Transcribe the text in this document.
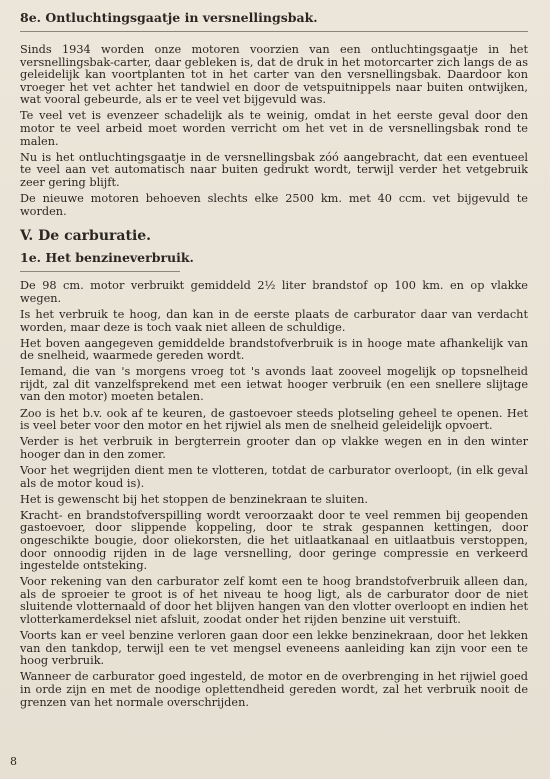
8e. Ontluchtingsgaatje in versnellingsbak.

Sinds 1934 worden onze motoren voorzien van een ontluchtingsgaatje in het versnellingsbak-carter, daar gebleken is, dat de druk in het motorcarter zich langs de as geleidelijk kan voortplanten tot in het carter van den versnellingsbak. Daardoor kon vroeger het vet achter het tandwiel en door de vetspuitnippels naar buiten ontwijken, wat vooral gebeurde, als er te veel vet bijgevuld was.

Te veel vet is evenzeer schadelijk als te weinig, omdat in het eerste geval door den motor te veel arbeid moet worden verricht om het vet in de versnellingsbak rond te malen.

Nu is het ontluchtingsgaatje in de versnellingsbak zóó aangebracht, dat een eventueel te veel aan vet automatisch naar buiten gedrukt wordt, terwijl verder het vetgebruik zeer gering blijft.

De nieuwe motoren behoeven slechts elke 2500 km. met 40 ccm. vet bijgevuld te worden.

V. De carburatie.
1e. Het benzineverbruik.

De 98 cm. motor verbruikt gemiddeld 2½ liter brandstof op 100 km. en op vlakke wegen.

Is het verbruik te hoog, dan kan in de eerste plaats de carburator daar van verdacht worden, maar deze is toch vaak niet alleen de schuldige.

Het boven aangegeven gemiddelde brandstofverbruik is in hooge mate afhankelijk van de snelheid, waarmede gereden wordt.

Iemand, die van 's morgens vroeg tot 's avonds laat zooveel mogelijk op topsnelheid rijdt, zal dit vanzelfsprekend met een ietwat hooger verbruik (en een snellere slijtage van den motor) moeten betalen.

Zoo is het b.v. ook af te keuren, de gastoevoer steeds plotseling geheel te openen. Het is veel beter voor den motor en het rijwiel als men de snelheid geleidelijk opvoert.

Verder is het verbruik in bergterrein grooter dan op vlakke wegen en in den winter hooger dan in den zomer.

Voor het wegrijden dient men te vlotteren, totdat de carburator overloopt, (in elk geval als de motor koud is).

Het is gewenscht bij het stoppen de benzinekraan te sluiten.

Kracht- en brandstofverspilling wordt veroorzaakt door te veel remmen bij geopenden gastoevoer, door slippende koppeling, door te strak gespannen kettingen, door ongeschikte bougie, door oliekorsten, die het uitlaatkanaal en uitlaatbuis verstoppen, door onnoodig rijden in de lage versnelling, door geringe compressie en verkeerd ingestelde ontsteking.

Voor rekening van den carburator zelf komt een te hoog brandstofverbruik alleen dan, als de sproeier te groot is of het niveau te hoog ligt, als de carburator door de niet sluitende vlotternaald of door het blijven hangen van den vlotter overloopt en indien het vlotterkamerdeksel niet afsluit, zoodat onder het rijden benzine uit verstuift.

Voorts kan er veel benzine verloren gaan door een lekke benzinekraan, door het lekken van den tankdop, terwijl een te vet mengsel eveneens aanleiding kan zijn voor een te hoog verbruik.

Wanneer de carburator goed ingesteld, de motor en de overbrenging in het rijwiel goed in orde zijn en met de noodige oplettendheid gereden wordt, zal het verbruik nooit de grenzen van het normale overschrijden.

8
